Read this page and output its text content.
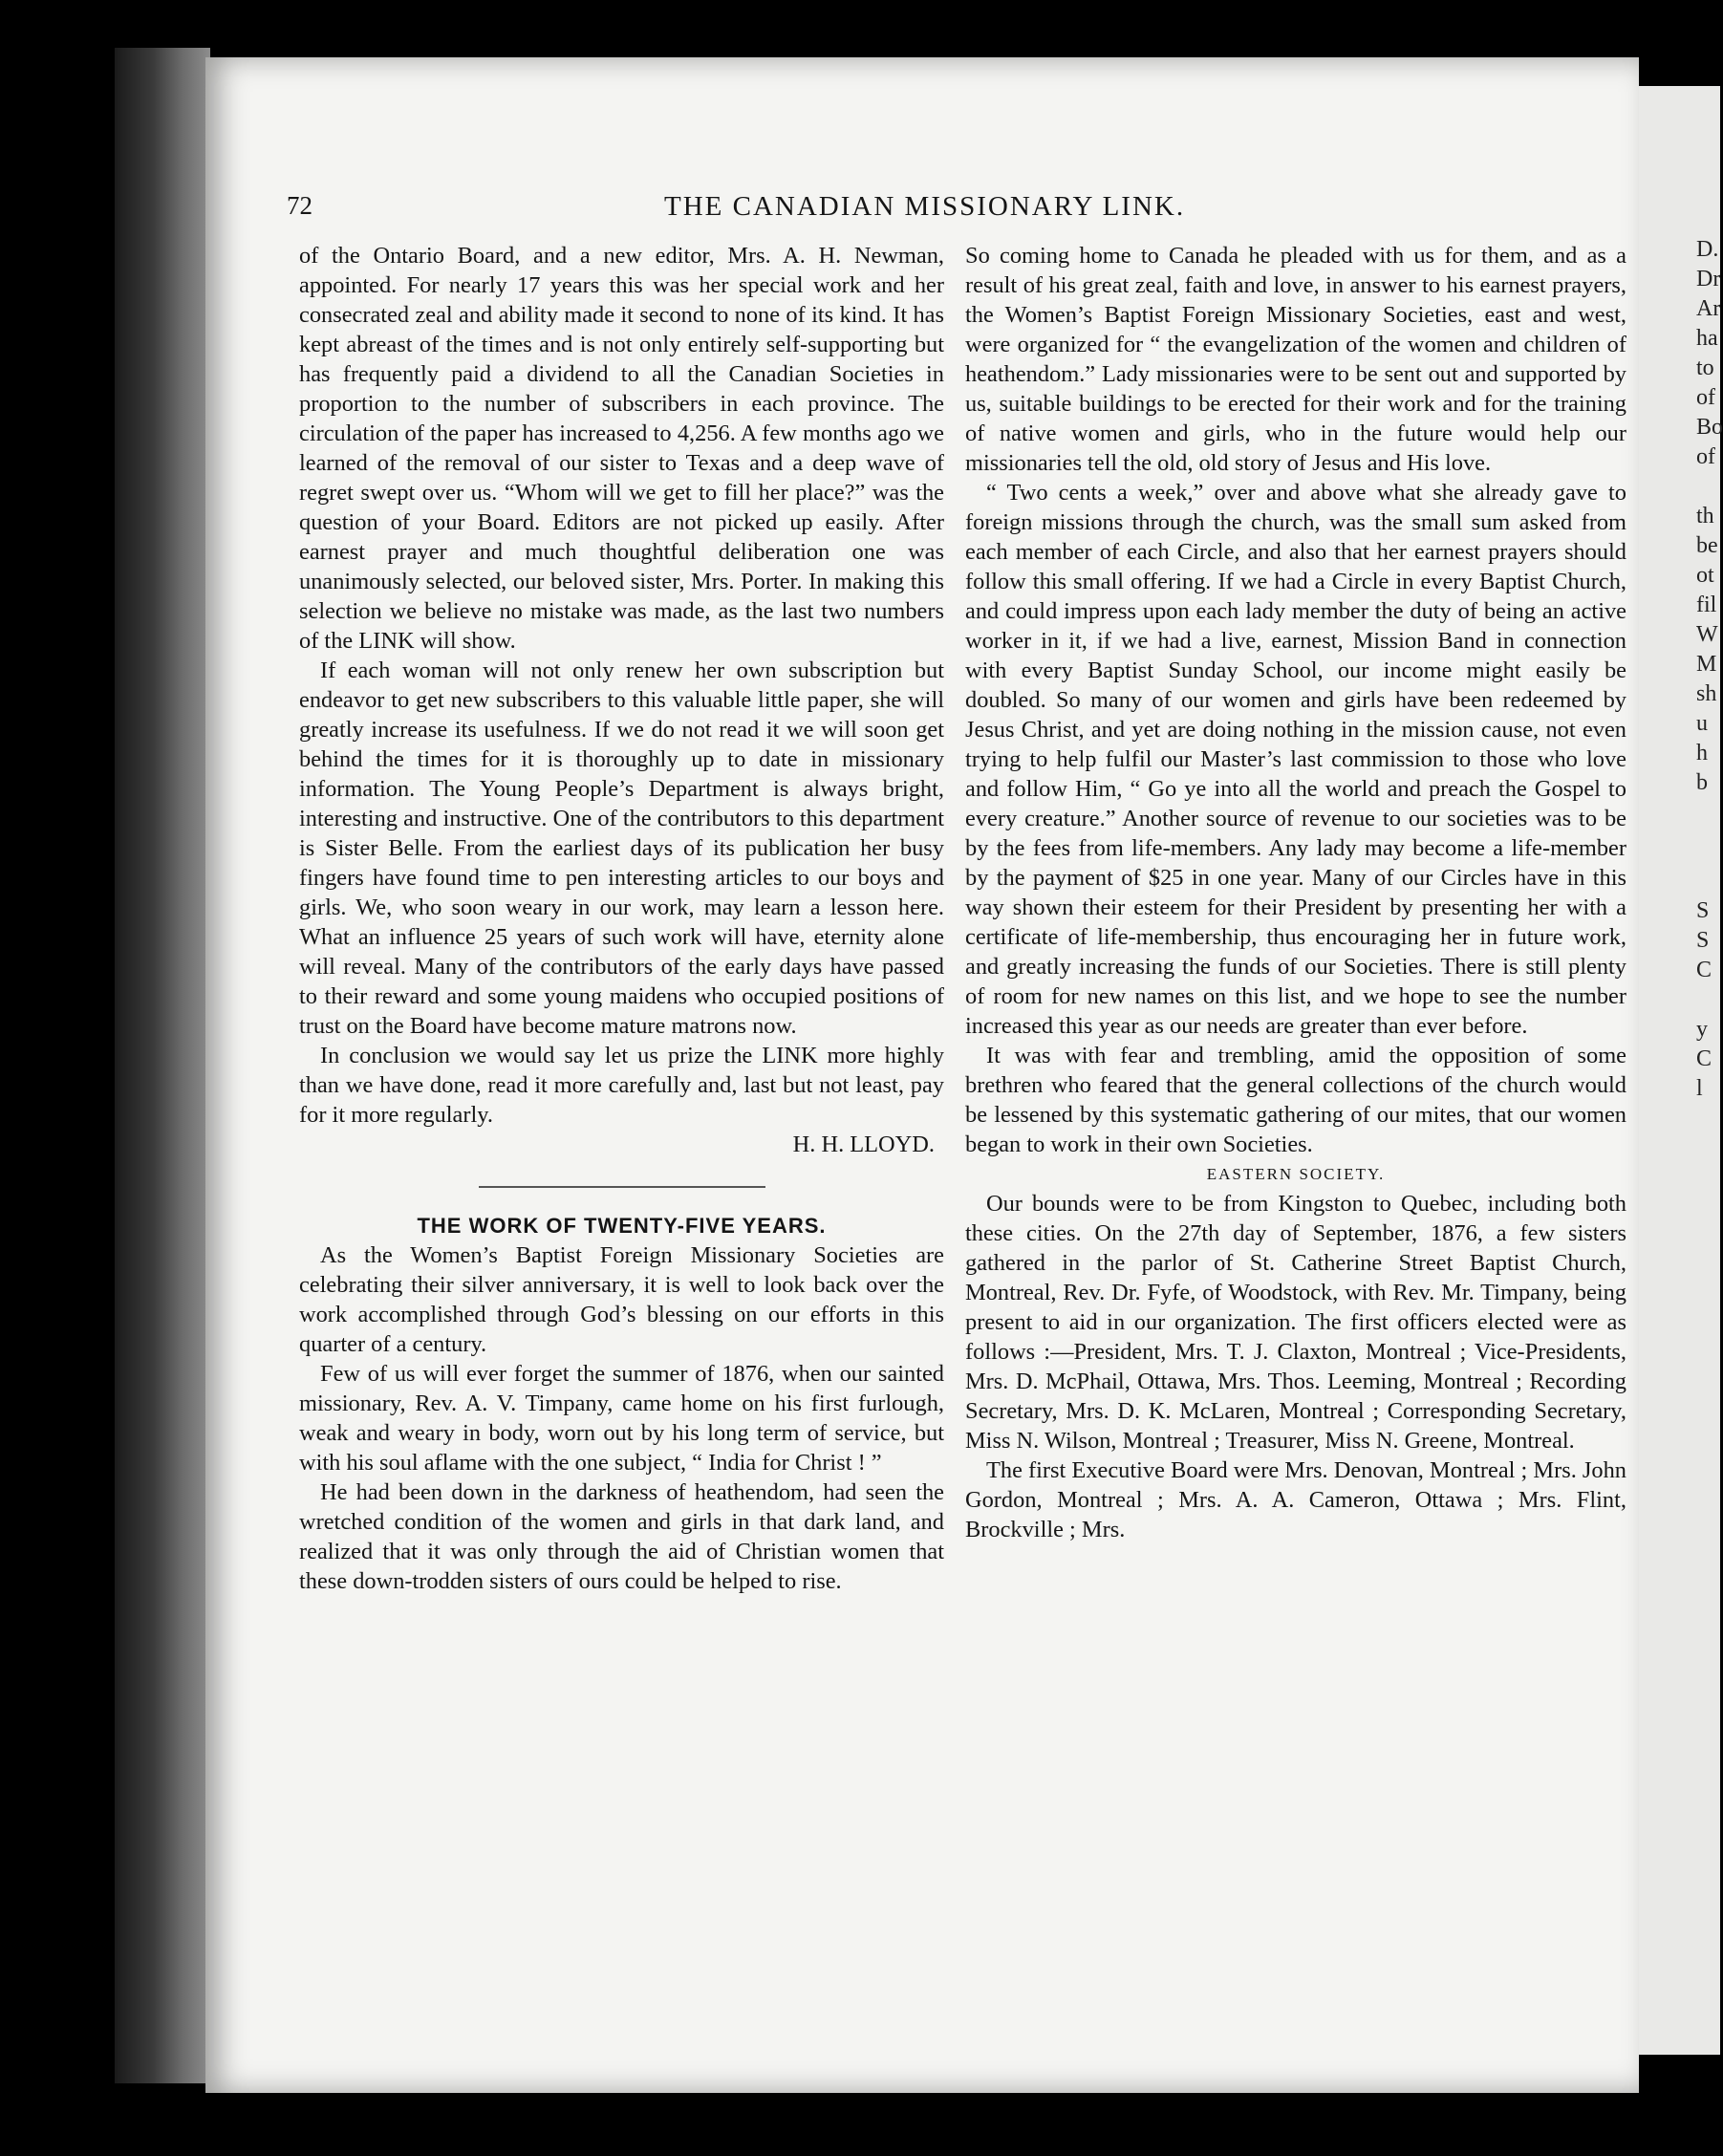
D.
Dr
Ar
ha
to
of
Bo
of
th
be
ot
fil
W
M
sh
u
h
b
S
S
C
y
C
l
72	THE CANADIAN MISSIONARY LINK.

of the Ontario Board, and a new editor, Mrs. A. H. Newman, appointed. For nearly 17 years this was her special work and her consecrated zeal and ability made it second to none of its kind. It has kept abreast of the times and is not only entirely self-supporting but has frequently paid a dividend to all the Canadian Societies in proportion to the number of subscribers in each province. The circulation of the paper has increased to 4,256. A few months ago we learned of the removal of our sister to Texas and a deep wave of regret swept over us. “Whom will we get to fill her place?” was the question of your Board. Editors are not picked up easily. After earnest prayer and much thoughtful deliberation one was unanimously selected, our beloved sister, Mrs. Porter. In making this selection we believe no mistake was made, as the last two numbers of the LINK will show.

If each woman will not only renew her own subscription but endeavor to get new subscribers to this valuable little paper, she will greatly increase its usefulness. If we do not read it we will soon get behind the times for it is thoroughly up to date in missionary information. The Young People’s Department is always bright, interesting and instructive. One of the contributors to this department is Sister Belle. From the earliest days of its publication her busy fingers have found time to pen interesting articles to our boys and girls. We, who soon weary in our work, may learn a lesson here. What an influence 25 years of such work will have, eternity alone will reveal. Many of the contributors of the early days have passed to their reward and some young maidens who occupied positions of trust on the Board have become mature matrons now.

In conclusion we would say let us prize the LINK more highly than we have done, read it more carefully and, last but not least, pay for it more regularly.

H. H. LLOYD.

THE WORK OF TWENTY-FIVE YEARS.

As the Women’s Baptist Foreign Missionary Societies are celebrating their silver anniversary, it is well to look back over the work accomplished through God’s blessing on our efforts in this quarter of a century.

Few of us will ever forget the summer of 1876, when our sainted missionary, Rev. A. V. Timpany, came home on his first furlough, weak and weary in body, worn out by his long term of service, but with his soul aflame with the one subject, “ India for Christ ! ”

He had been down in the darkness of heathendom, had seen the wretched condition of the women and girls in that dark land, and realized that it was only through the aid of Christian women that these down-trodden sisters of ours could be helped to rise.

So coming home to Canada he pleaded with us for them, and as a result of his great zeal, faith and love, in answer to his earnest prayers, the Women’s Baptist Foreign Missionary Societies, east and west, were organized for “ the evangelization of the women and children of heathendom.” Lady missionaries were to be sent out and supported by us, suitable buildings to be erected for their work and for the training of native women and girls, who in the future would help our missionaries tell the old, old story of Jesus and His love.

“ Two cents a week,” over and above what she already gave to foreign missions through the church, was the small sum asked from each member of each Circle, and also that her earnest prayers should follow this small offering. If we had a Circle in every Baptist Church, and could impress upon each lady member the duty of being an active worker in it, if we had a live, earnest, Mission Band in connection with every Baptist Sunday School, our income might easily be doubled. So many of our women and girls have been redeemed by Jesus Christ, and yet are doing nothing in the mission cause, not even trying to help fulfil our Master’s last commission to those who love and follow Him, “ Go ye into all the world and preach the Gospel to every creature.” Another source of revenue to our societies was to be by the fees from life-members. Any lady may become a life-member by the payment of $25 in one year. Many of our Circles have in this way shown their esteem for their President by presenting her with a certificate of life-membership, thus encouraging her in future work, and greatly increasing the funds of our Societies. There is still plenty of room for new names on this list, and we hope to see the number increased this year as our needs are greater than ever before.

It was with fear and trembling, amid the opposition of some brethren who feared that the general collections of the church would be lessened by this systematic gathering of our mites, that our women began to work in their own Societies.

EASTERN SOCIETY.

Our bounds were to be from Kingston to Quebec, including both these cities. On the 27th day of September, 1876, a few sisters gathered in the parlor of St. Catherine Street Baptist Church, Montreal, Rev. Dr. Fyfe, of Woodstock, with Rev. Mr. Timpany, being present to aid in our organization. The first officers elected were as follows :—President, Mrs. T. J. Claxton, Montreal ; Vice-Presidents, Mrs. D. McPhail, Ottawa, Mrs. Thos. Leeming, Montreal ; Recording Secretary, Mrs. D. K. McLaren, Montreal ; Corresponding Secretary, Miss N. Wilson, Montreal ; Treasurer, Miss N. Greene, Montreal.

The first Executive Board were Mrs. Denovan, Montreal ; Mrs. John Gordon, Montreal ; Mrs. A. A. Cameron, Ottawa ; Mrs. Flint, Brockville ; Mrs.
